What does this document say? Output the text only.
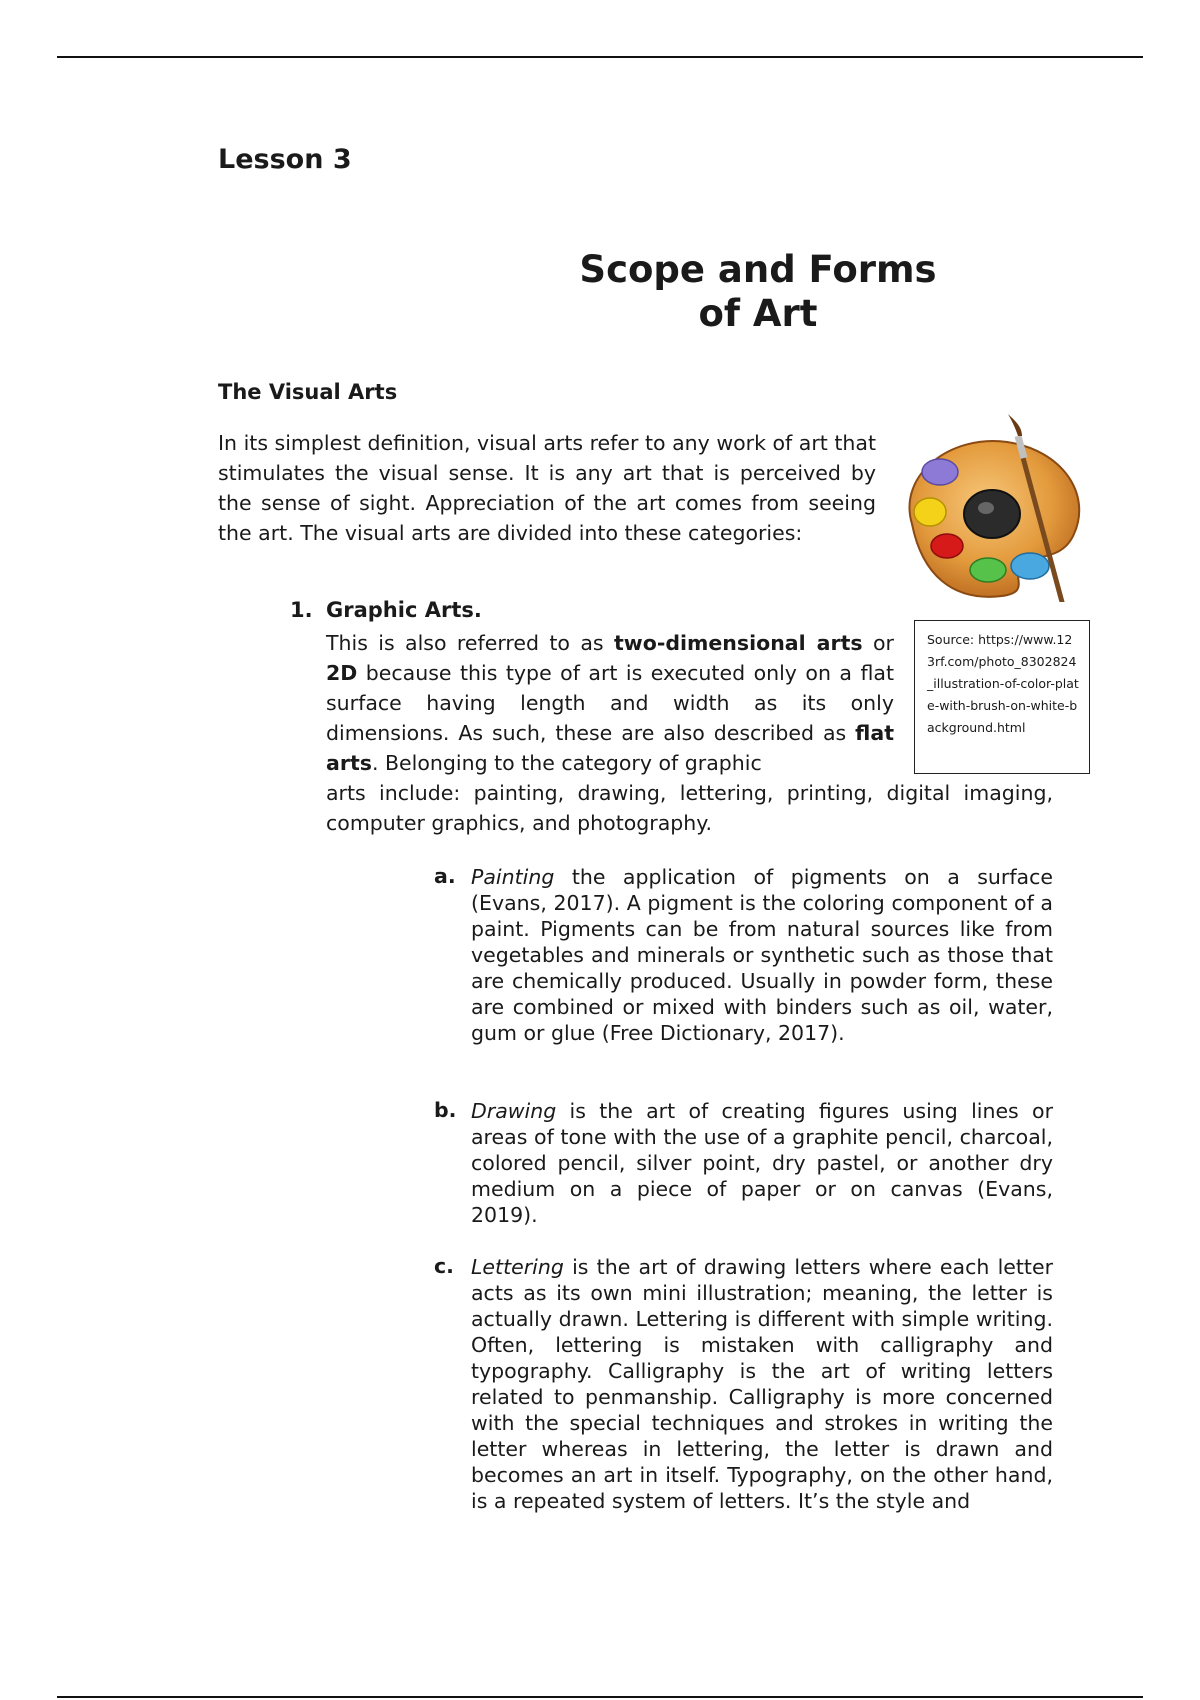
Lesson 3
Scope and Forms
of Art
The Visual Arts

In its simplest definition, visual arts refer to any work of art that stimulates the visual sense. It is any art that is perceived by the sense of sight. Appreciation of the art comes from seeing the art. The visual arts are divided into these categories:

Source: https://www.123rf.com/photo_8302824_illustration-of-color-plate-with-brush-on-white-background.html
1. Graphic Arts.

This is also referred to as two-dimensional arts or 2D because this type of art is executed only on a flat surface having length and width as its only dimensions. As such, these are also described as flat arts. Belonging to the category of graphic

arts include: painting, drawing, lettering, printing, digital imaging, computer graphics, and photography.

a. Painting the application of pigments on a surface (Evans, 2017). A pigment is the coloring component of a paint. Pigments can be from natural sources like from vegetables and minerals or synthetic such as those that are chemically produced. Usually in powder form, these are combined or mixed with binders such as oil, water, gum or glue (Free Dictionary, 2017).

b. Drawing is the art of creating figures using lines or areas of tone with the use of a graphite pencil, charcoal, colored pencil, silver point, dry pastel, or another dry medium on a piece of paper or on canvas (Evans, 2019).

c. Lettering is the art of drawing letters where each letter acts as its own mini illustration; meaning, the letter is actually drawn. Lettering is different with simple writing. Often, lettering is mistaken with calligraphy and typography. Calligraphy is the art of writing letters related to penmanship. Calligraphy is more concerned with the special techniques and strokes in writing the letter whereas in lettering, the letter is drawn and becomes an art in itself. Typography, on the other hand, is a repeated system of letters. It’s the style and
